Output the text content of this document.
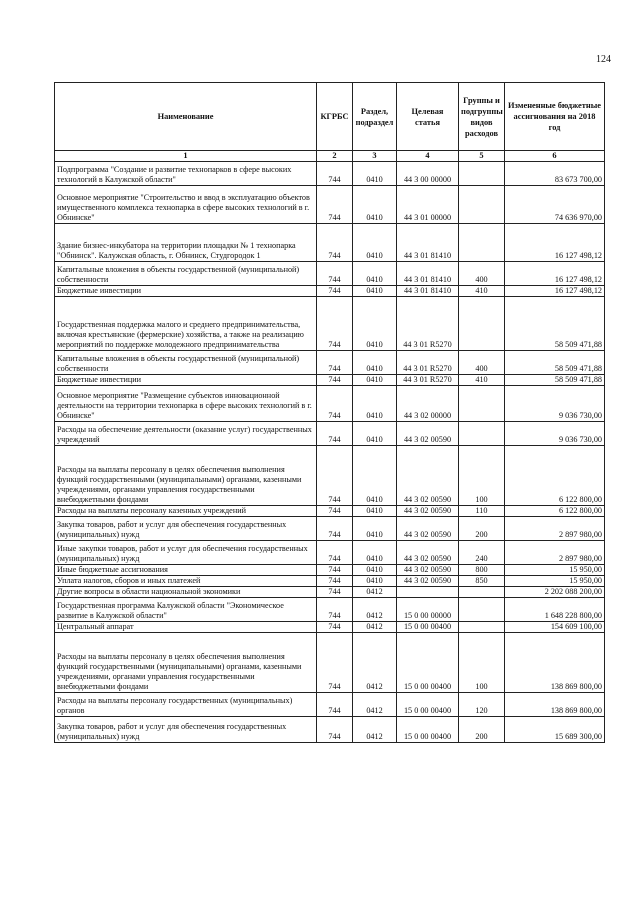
124
Наименование	КГРБС	Раздел, подраздел	Целевая статья	Группы и подгруппы видов расходов	Измененные бюджетные ассигнования на 2018 год
1	2	3	4	5	6
Подпрограмма "Создание и развитие технопарков в сфере высоких технологий в Калужской области"	744	0410	44 3 00 00000		83 673 700,00
Основное мероприятие "Строительство и ввод в эксплуатацию объектов имущественного комплекса технопарка в сфере высоких технологий в г. Обнинске"	744	0410	44 3 01 00000		74 636 970,00
Здание бизнес-инкубатора на территории площадки № 1 технопарка "Обнинск". Калужская область, г. Обнинск, Студгородок 1	744	0410	44 3 01 81410		16 127 498,12
Капитальные вложения в объекты государственной (муниципальной) собственности	744	0410	44 3 01 81410	400	16 127 498,12
Бюджетные инвестиции	744	0410	44 3 01 81410	410	16 127 498,12
Государственная поддержка малого и среднего предпринимательства, включая крестьянские (фермерские) хозяйства, а также на реализацию мероприятий по поддержке молодежного предпринимательства	744	0410	44 3 01 R5270		58 509 471,88
Капитальные вложения в объекты государственной (муниципальной) собственности	744	0410	44 3 01 R5270	400	58 509 471,88
Бюджетные инвестиции	744	0410	44 3 01 R5270	410	58 509 471,88
Основное мероприятие "Размещение субъектов инновационной деятельности на территории технопарка в сфере высоких технологий в г. Обнинске"	744	0410	44 3 02 00000		9 036 730,00
Расходы на обеспечение деятельности (оказание услуг) государственных учреждений	744	0410	44 3 02 00590		9 036 730,00
Расходы на выплаты персоналу в целях обеспечения выполнения функций государственными (муниципальными) органами, казенными учреждениями, органами управления государственными внебюджетными фондами	744	0410	44 3 02 00590	100	6 122 800,00
Расходы на выплаты персоналу казенных учреждений	744	0410	44 3 02 00590	110	6 122 800,00
Закупка товаров, работ и услуг для обеспечения государственных (муниципальных) нужд	744	0410	44 3 02 00590	200	2 897 980,00
Иные закупки товаров, работ и услуг для обеспечения государственных (муниципальных) нужд	744	0410	44 3 02 00590	240	2 897 980,00
Иные бюджетные ассигнования	744	0410	44 3 02 00590	800	15 950,00
Уплата налогов, сборов и иных платежей	744	0410	44 3 02 00590	850	15 950,00
Другие вопросы в области национальной экономики	744	0412			2 202 088 200,00
Государственная программа Калужской области "Экономическое развитие в Калужской области"	744	0412	15 0 00 00000		1 648 228 800,00
Центральный аппарат	744	0412	15 0 00 00400		154 609 100,00
Расходы на выплаты персоналу в целях обеспечения выполнения функций государственными (муниципальными) органами, казенными учреждениями, органами управления государственными внебюджетными фондами	744	0412	15 0 00 00400	100	138 869 800,00
Расходы на выплаты персоналу государственных (муниципальных) органов	744	0412	15 0 00 00400	120	138 869 800,00
Закупка товаров, работ и услуг для обеспечения государственных (муниципальных) нужд	744	0412	15 0 00 00400	200	15 689 300,00
